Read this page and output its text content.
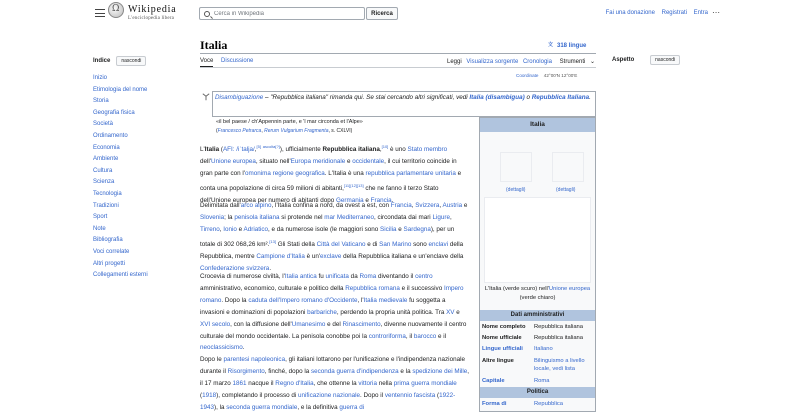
Ω
Wikipedia
L'enciclopedia libera
Cerca in Wikipedia
Ricerca	Fai una donazione Registrati Entra ⋯
Indice	nascondi
Inizio
Etimologia del nome
Storia
Geografia fisica
Società
Ordinamento
Economia
Ambiente
Cultura
Scienza
Tecnologia
Tradizioni
Sport
Note
Bibliografia
Voci correlate
Altri progetti
Collegamenti esterni
Italia	文 318 lingue
Voce Discussione	Leggi Visualizza sorgente Cronologia Strumenti ⌄
Coordinate 42°00′N 12°00′E
Aspetto	nascondi
Disambiguazione – "Repubblica italiana" rimanda qui. Se stai cercando altri significati, vedi Italia (disambigua) o Repubblica Italiana.
«il bel paese / ch'Appennin parte, e 'l mar circonda et l'Alpe»
(Francesco Petrarca, Rerum Vulgarium Fragmenta, s. CXLVI)
L'Italia (AFI: /iˈtalja/,[5] $^{ascolta[?]}$), ufficialmente Repubblica italiana,[10] è uno Stato membro dell'Unione europea, situato nell'Europa meridionale e occidentale, il cui territorio coincide in gran parte con l'omonima regione geografica. L'Italia è una repubblica parlamentare unitaria e conta una popolazione di circa 59 milioni di abitanti,[11][12][13] che ne fanno il terzo Stato dell'Unione europea per numero di abitanti dopo Germania e Francia.
Delimitata dall'arco alpino, l'Italia confina a nord, da ovest a est, con Francia, Svizzera, Austria e Slovenia; la penisola italiana si protende nel mar Mediterraneo, circondata dai mari Ligure, Tirreno, Ionio e Adriatico, e da numerose isole (le maggiori sono Sicilia e Sardegna), per un totale di 302 068,26 km².[13] Gli Stati della Città del Vaticano e di San Marino sono enclavi della Repubblica, mentre Campione d'Italia è un'exclave della Repubblica italiana e un'enclave della Confederazione svizzera.
Crocevia di numerose civiltà, l'Italia antica fu unificata da Roma diventando il centro amministrativo, economico, culturale e politico della Repubblica romana e il successivo Impero romano. Dopo la caduta dell'Impero romano d'Occidente, l'Italia medievale fu soggetta a invasioni e dominazioni di popolazioni barbariche, perdendo la propria unità politica. Tra XV e XVI secolo, con la diffusione dell'Umanesimo e del Rinascimento, divenne nuovamente il centro culturale del mondo occidentale. La penisola conobbe poi la controriforma, il barocco e il neoclassicismo.
Dopo le parentesi napoleonica, gli italiani lottarono per l'unificazione e l'indipendenza nazionale durante il Risorgimento, finché, dopo la seconda guerra d'indipendenza e la spedizione dei Mille, il 17 marzo 1861 nacque il Regno d'Italia, che ottenne la vittoria nella prima guerra mondiale (1918), completando il processo di unificazione nazionale. Dopo il ventennio fascista (1922-1943), la seconda guerra mondiale, e la definitiva guerra di
Italia
(dettagli)	(dettagli)
L'Italia (verde scuro) nell'Unione europea (verde chiaro)
Dati amministrativi
Nome completo	Repubblica italiana
Nome ufficiale	Repubblica italiana
Lingue ufficiali	Italiano
Altre lingue	Bilinguismo a livello locale, vedi lista
Capitale	Roma
Politica
Forma di	Repubblica
